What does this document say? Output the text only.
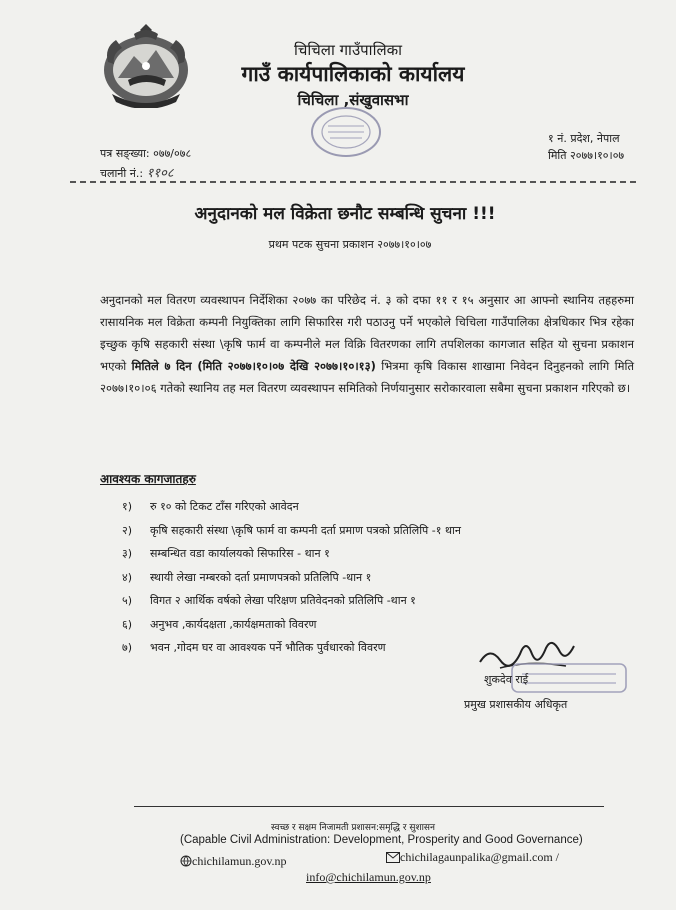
चिचिला गाउँपालिका
गाउँ कार्यपालिकाको कार्यालय
चिचिला ,संखुवासभा
पत्र सङ्ख्या: ०७७/०७८
चलानी नं.: ११०८
१ नं. प्रदेश, नेपाल
मिति २०७७।१०।०७
अनुदानको मल विक्रेता छनौट सम्बन्धि सुचना !!!
प्रथम पटक सुचना प्रकाशन २०७७।१०।०७
अनुदानको मल वितरण व्यवस्थापन निर्देशिका २०७७ का परिछेद नं. ३ को दफा ११ र १५ अनुसार आ आफ्नो स्थानिय तहहरुमा रासायनिक मल विक्रेता कम्पनी नियुक्तिका लागि सिफारिस गरी पठाउनु पर्ने भएकोले चिचिला गाउँपालिका क्षेत्रधिकार भित्र रहेका इच्छुक कृषि सहकारी संस्था \कृषि फार्म वा कम्पनीले मल विक्रि वितरणका लागि तपशिलका कागजात सहित यो सुचना प्रकाशन भएको मितिले ७ दिन (मिति २०७७।१०।०७ देखि २०७७।१०।१३) भित्रमा कृषि विकास शाखामा निवेदन दिनुहनको लागि मिति २०७७।१०।०६ गतेको स्थानिय तह मल वितरण व्यवस्थापन समितिको निर्णयानुसार सरोकारवाला सबैमा सुचना प्रकाशन गरिएको छ।
आवश्यक कागजातहरु
१) रु १० को टिकट टाँस गरिएको आवेदन
२) कृषि सहकारी संस्था \कृषि फार्म वा कम्पनी दर्ता प्रमाण पत्रको प्रतिलिपि -१ थान
३) सम्बन्धित वडा कार्यालयको सिफारिस - थान १
४) स्थायी लेखा नम्बरको दर्ता प्रमाणपत्रको प्रतिलिपि -थान १
५) विगत २ आर्थिक वर्षको लेखा परिक्षण प्रतिवेदनको प्रतिलिपि -थान १
६) अनुभव ,कार्यदक्षता ,कार्यक्षमताको विवरण
७) भवन ,गोदम घर वा आवश्यक पर्ने भौतिक पुर्वधारको विवरण
शुकदेव राई
प्रमुख प्रशासकीय अधिकृत
स्वच्छ र सक्षम निजामती प्रशासन:समृद्धि र सुशासन
(Capable Civil Administration: Development, Prosperity and Good Governance)
chichilamun.gov.np	chichilagaunpalika@gmail.com /
info@chichilamun.gov.np
